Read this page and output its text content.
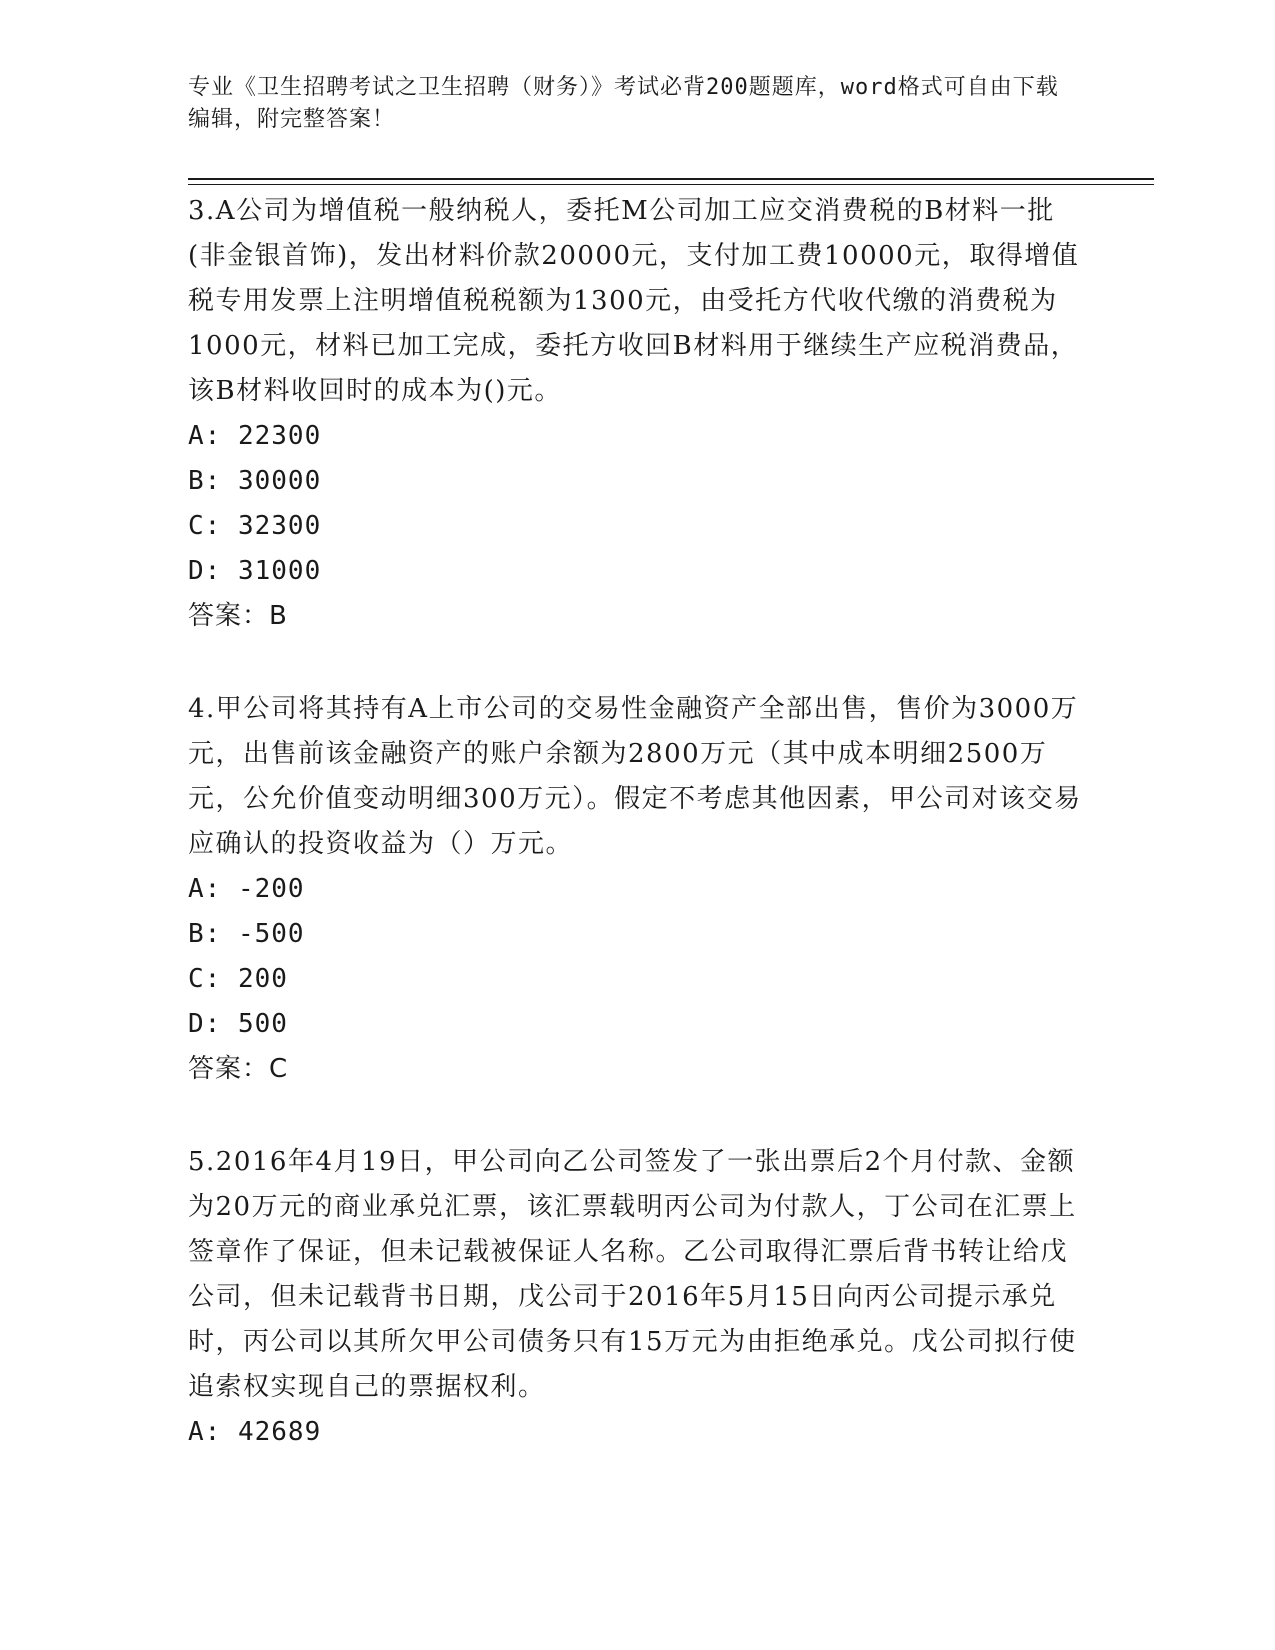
专业《卫生招聘考试之卫生招聘（财务）》考试必背200题题库，word格式可自由下载编辑，附完整答案！

3.A公司为增值税一般纳税人，委托M公司加工应交消费税的B材料一批(非金银首饰)，发出材料价款20000元，支付加工费10000元，取得增值税专用发票上注明增值税税额为1300元，由受托方代收代缴的消费税为1000元，材料已加工完成，委托方收回B材料用于继续生产应税消费品，该B材料收回时的成本为()元。

A: 22300

B: 30000

C: 32300

D: 31000

答案：B

4.甲公司将其持有A上市公司的交易性金融资产全部出售，售价为3000万元，出售前该金融资产的账户余额为2800万元（其中成本明细2500万元，公允价值变动明细300万元）。假定不考虑其他因素，甲公司对该交易应确认的投资收益为（）万元。

A: -200

B: -500

C: 200

D: 500

答案：C

5.2016年4月19日，甲公司向乙公司签发了一张出票后2个月付款、金额为20万元的商业承兑汇票，该汇票载明丙公司为付款人，丁公司在汇票上签章作了保证，但未记载被保证人名称。乙公司取得汇票后背书转让给戊公司，但未记载背书日期，戊公司于2016年5月15日向丙公司提示承兑时，丙公司以其所欠甲公司债务只有15万元为由拒绝承兑。戊公司拟行使追索权实现自己的票据权利。

A: 42689
